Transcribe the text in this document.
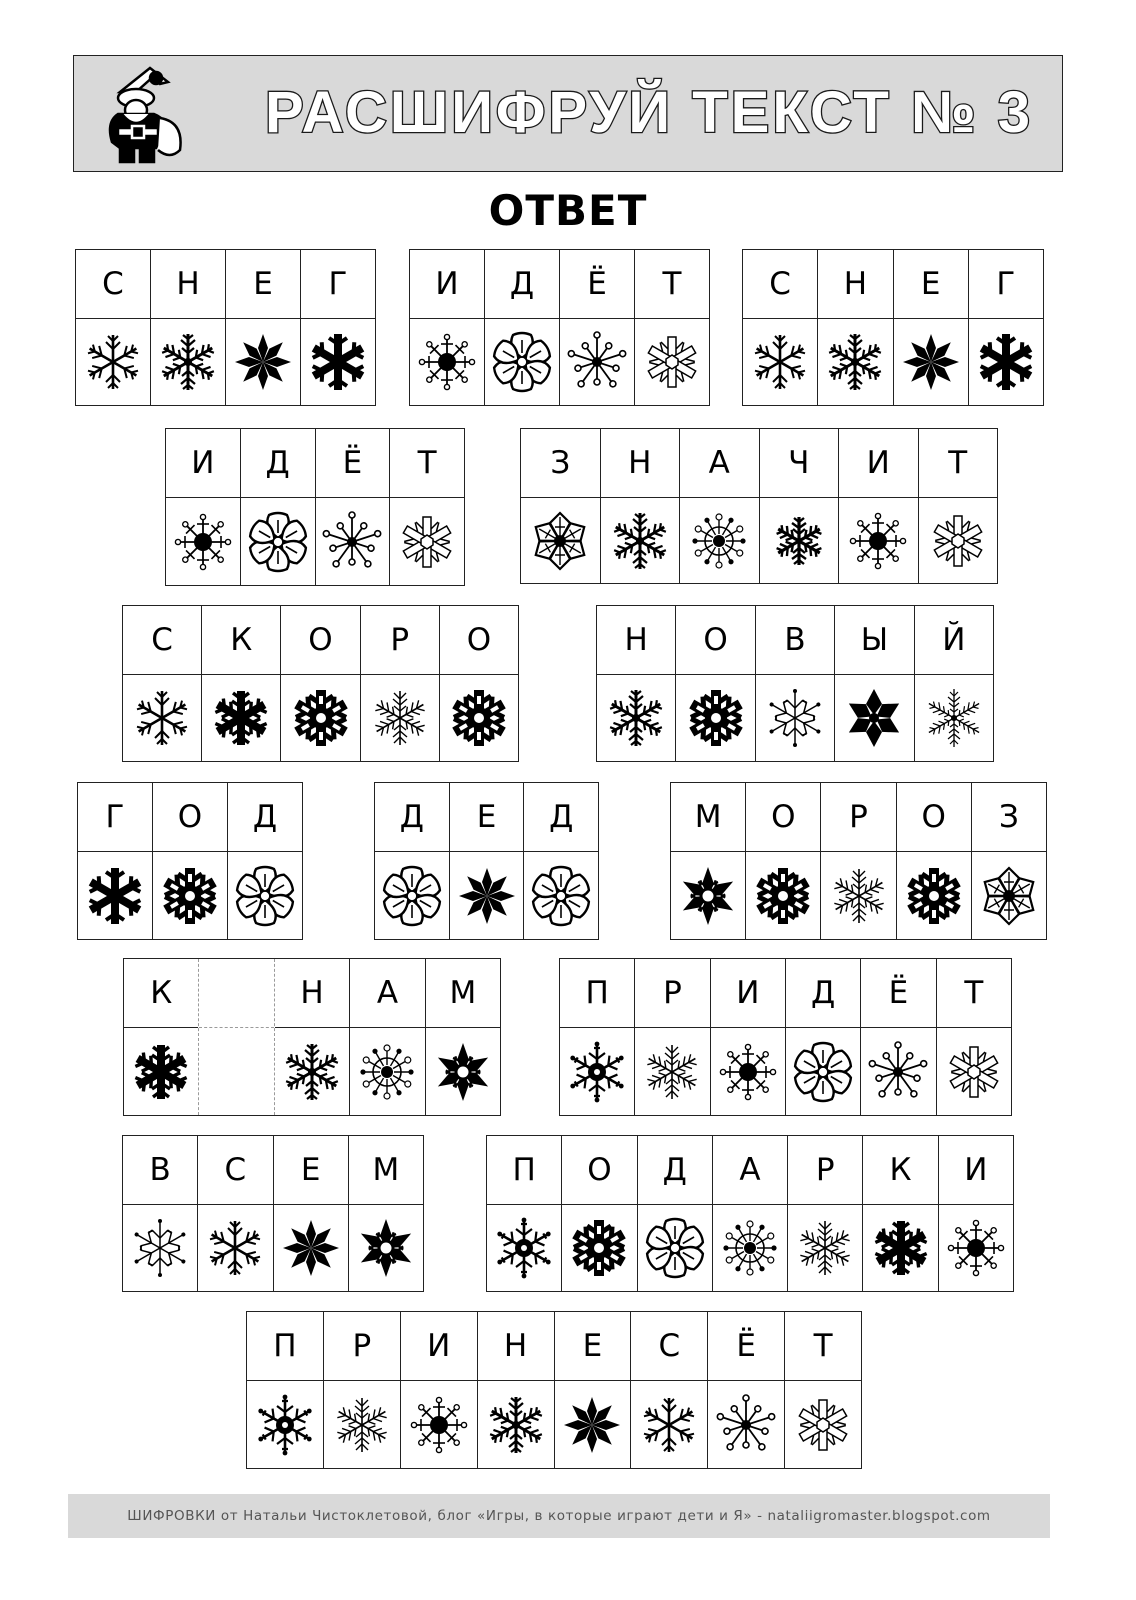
РАСШИФРУЙ ТЕКСТ № 3
ОТВЕТ
С	Н	Е	Г	И	Д	Ё	Т	С	Н	Е	Г
И	Д	Ё	Т	З	Н	А	Ч	И	Т
С	К	О	Р	О	Н	О	В	Ы	Й
Г	О	Д	Д	Е	Д	М	О	Р	О	З
К	Н	А	М	П	Р	И	Д	Ё	Т
В	С	Е	М	П	О	Д	А	Р	К	И
П	Р	И	Н	Е	С	Ё	Т
ШИФРОВКИ от Натальи Чистоклетовой, блог «Игры, в которые играют дети и Я» - nataliigromaster.blogspot.com
